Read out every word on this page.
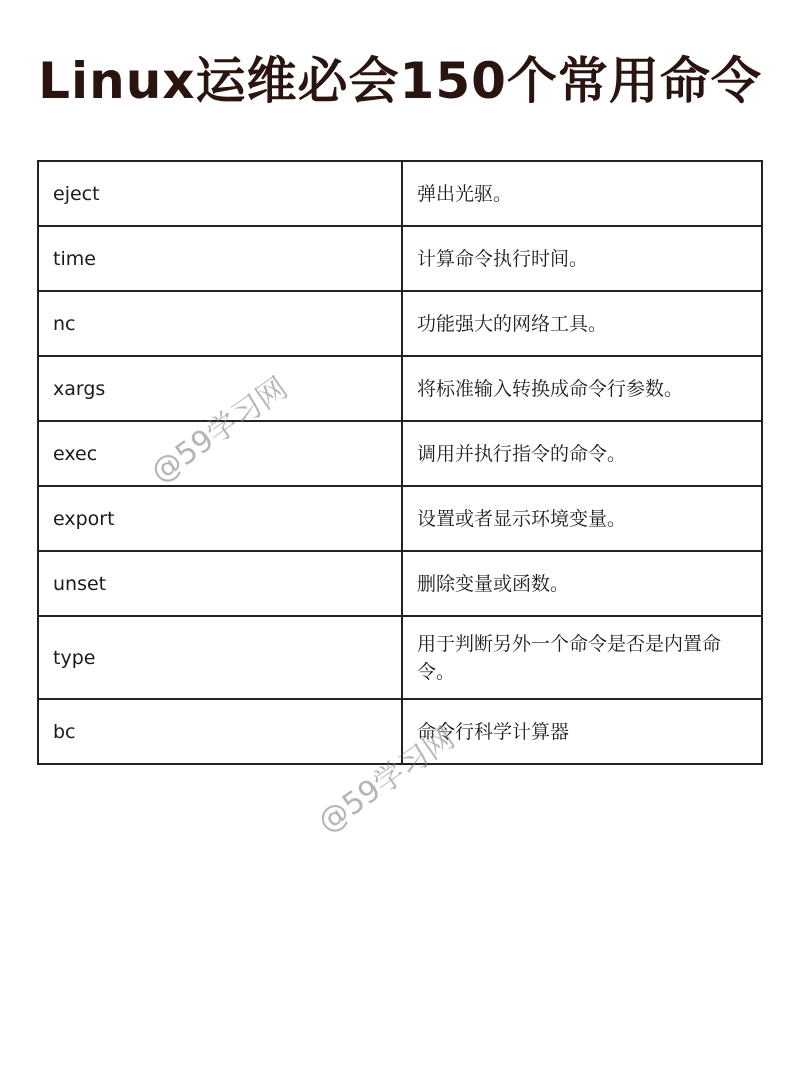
Linux运维必会150个常用命令
eject	弹出光驱。
time	计算命令执行时间。
nc	功能强大的网络工具。
xargs	将标准输入转换成命令行参数。
exec	调用并执行指令的命令。
export	设置或者显示环境变量。
unset	删除变量或函数。
type	用于判断另外一个命令是否是内置命令。
bc	命令行科学计算器
@59学习网
@59学习网
